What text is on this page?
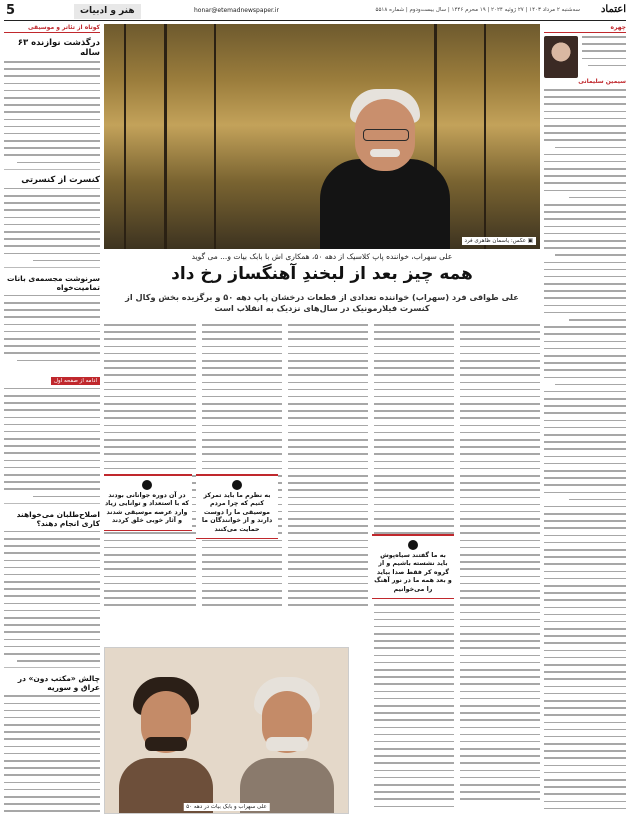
اعتماد
سه‌شنبه ۲ مرداد ۱۴۰۳ | ۲۷ ژوئیه ۲۰۲۴ | ۱۹ محرم ۱۴۴۶ | سال بیست‌ودوم | شماره ۵۵۱۸
honar@etemadnewspaper.ir
هنر و ادبیات
5
چهره
سیمین سلیمانی
▣ عکس: یاسمان ظاهری فرد
علی سهراب، خواننده پاپ کلاسیک از دهه ۵۰، همکاری اش با بابک بیات و... می گوید
همه چیز بعد از لبخندِ آهنگساز رخ داد
علی طواقی فرد (سهراب) خواننده تعدادی از قطعات درخشان پاپ دهه ۵۰ و برگزیده بخش وکال از کنسرت فیلارمونیک در سال‌های نزدیک به انقلاب است
به ما گفتند سیاه‌پوش باید نشسته باشیم و از گروه کر فقط صدا بیاید و بعد همه ما در نور آهنگ را می‌خوانیم
به‌ نظرم ما باید تمرکز کنیم که چرا مردم موسیقی ما را دوست دارند و از خوانندگان ما حمایت می‌کنند
در آن دوره جوانانی بودند که با استعداد و توانایی زیاد وارد عرصه موسیقی شدند و آثار خوبی خلق کردند
علی سهراب و بابک بیات در دهه ۵۰
کوتاه از تئاتر و موسیقی
درگذشت نوازنده ۶۳ ساله
کنسرت از کنسرتی
سرنوشت مجسمه‌ی بانات تمامیت‌خواه
ادامه از صفحه اول
اصلاح‌طلبان می‌خواهند کاری انجام دهند؟
چالش «مکتب دون» در عراق و سوریه
